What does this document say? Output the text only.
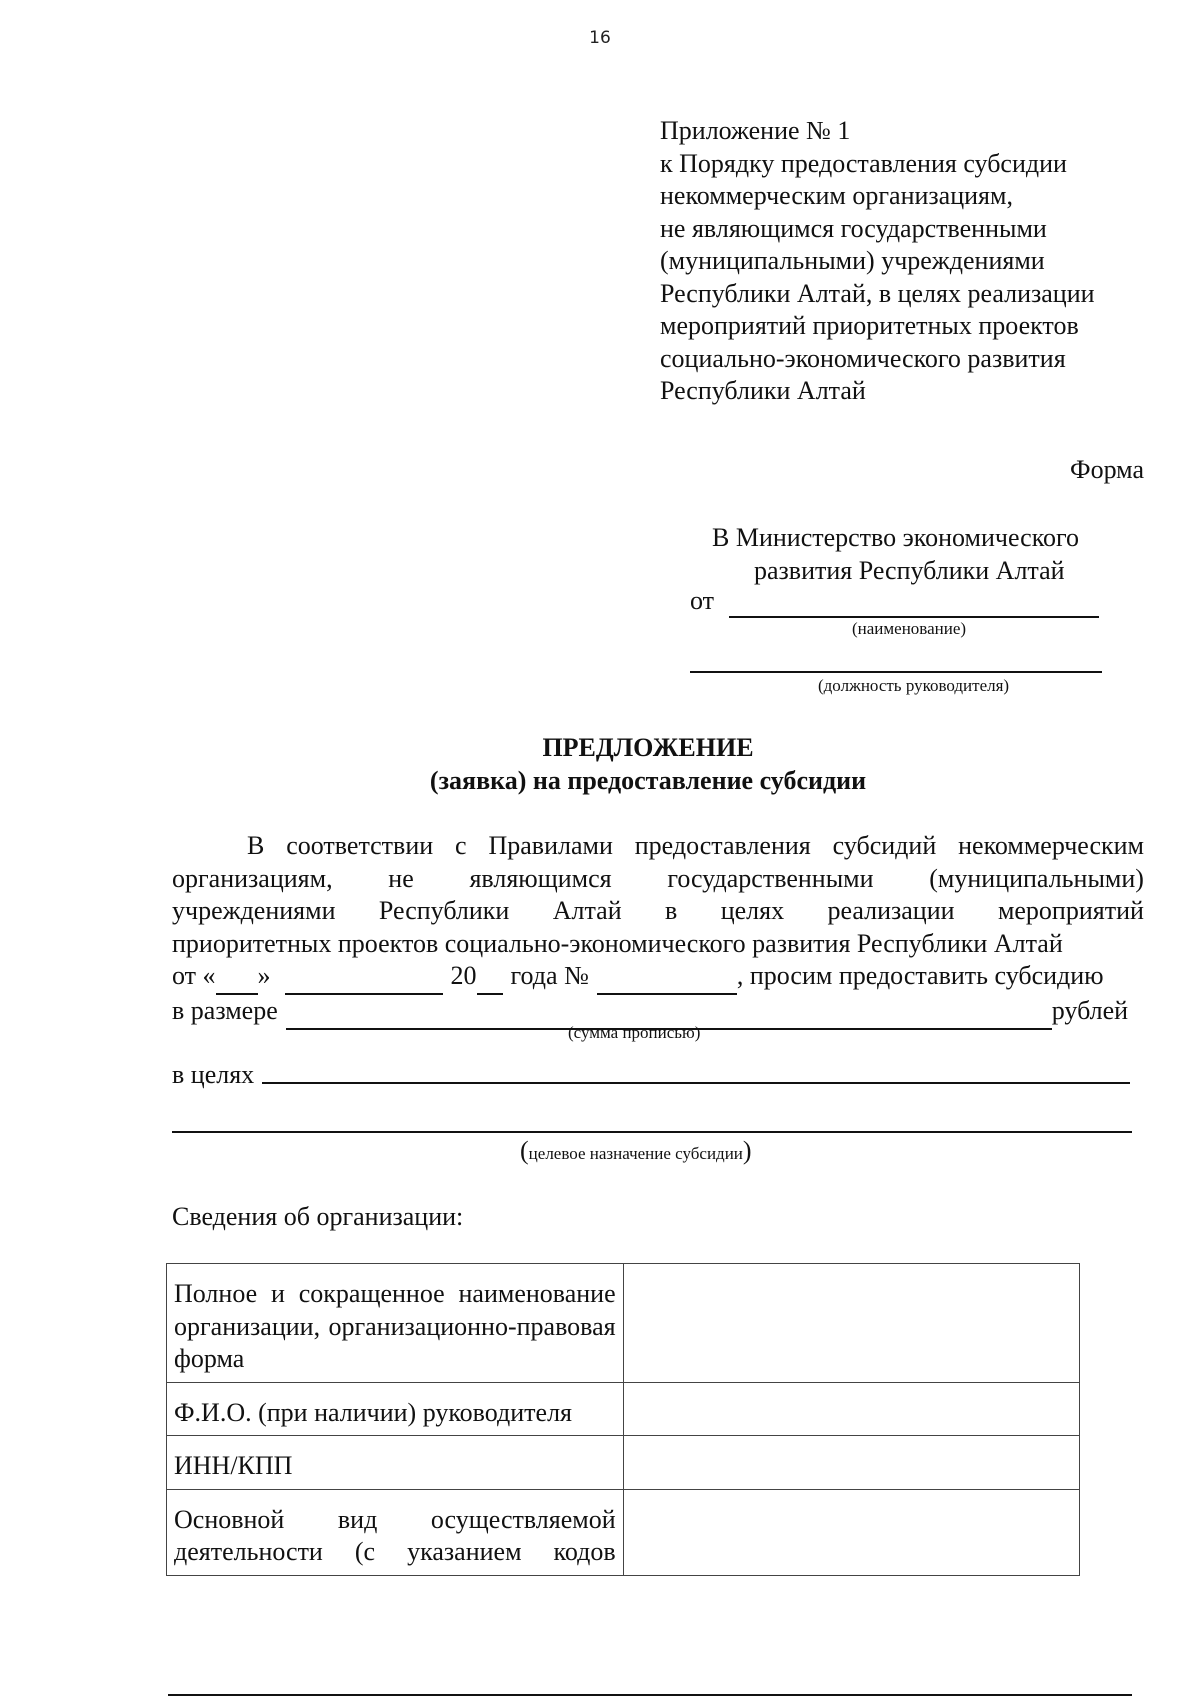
16
Приложение № 1
к Порядку предоставления субсидии
некоммерческим организациям,
не являющимся государственными
(муниципальными) учреждениями
Республики Алтай, в целях реализации
мероприятий приоритетных проектов
социально-экономического развития
Республики Алтай
Форма
В Министерство экономического
развития Республики Алтай
от
(наименование)
(должность руководителя)
ПРЕДЛОЖЕНИЕ
(заявка) на предоставление субсидии
В соответствии с Правилами предоставления субсидий некоммерческим
организациям, не являющимся государственными (муниципальными)
учреждениями Республики Алтай в целях реализации мероприятий
приоритетных проектов социально-экономического развития Республики Алтай
от «
»
	20
года №
	, просим предоставить субсидию
в размере
	рублей
(сумма прописью)
в целях
(целевое назначение субсидии)
Сведения об организации:
Полное и сокращенное наименование организации, организационно-правовая форма	
Ф.И.О. (при наличии) руководителя	
ИНН/КПП	
Основной вид осуществляемой деятельности (с указанием кодов	
